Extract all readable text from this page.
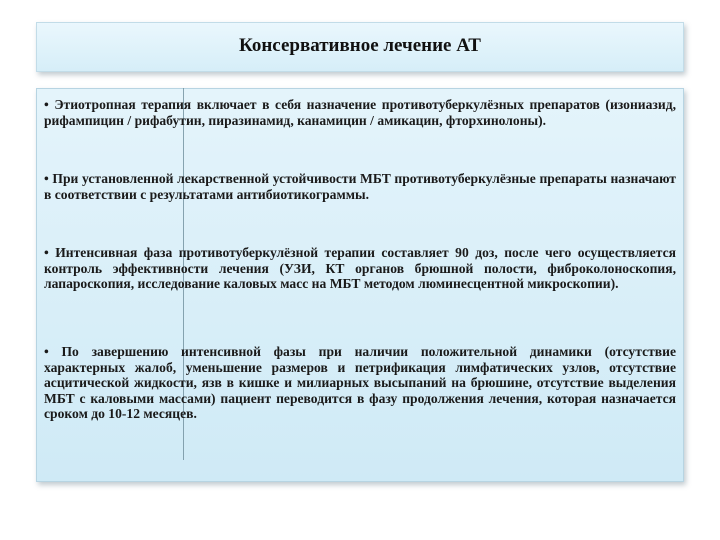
Консервативное лечение АТ

• Этиотропная терапия включает в себя назначение противотуберкулёзных препаратов (изониазид, рифампицин / рифабутин, пиразинамид, канамицин / амикацин, фторхинолоны).

• При установленной лекарственной устойчивости МБТ противотуберкулёзные препараты назначают в соответствии с результатами антибиотикограммы.

• Интенсивная фаза противотуберкулёзной терапии составляет 90 доз, после чего осуществляется контроль эффективности лечения (УЗИ, КТ органов брюшной полости, фиброколоноскопия, лапароскопия, исследование каловых масс на МБТ методом люминесцентной микроскопии).

• По завершению интенсивной фазы при наличии положительной динамики (отсутствие характерных жалоб, уменьшение размеров и петрификация лимфатических узлов, отсутствие асцитической жидкости, язв в кишке и милиарных высыпаний на брюшине, отсутствие выделения МБТ с каловыми массами) пациент переводится в фазу продолжения лечения, которая назначается сроком до 10-12 месяцев.
